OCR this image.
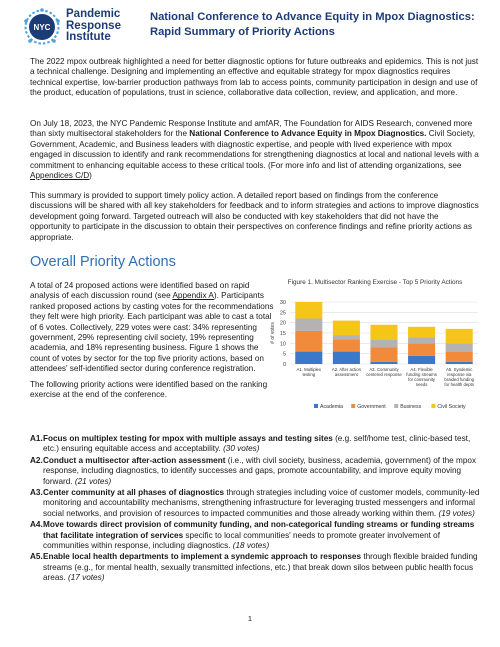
NYC
Pandemic
Response
Institute
National Conference to Advance Equity in Mpox Diagnostics: Rapid Summary of Priority Actions
The 2022 mpox outbreak highlighted a need for better diagnostic options for future outbreaks and epidemics. This is not just a technical challenge. Designing and implementing an effective and equitable strategy for mpox diagnostics requires technical expertise, low-barrier production pathways from lab to access points, community participation in design and use of the product, education of populations, trust in science, collaborative data collection, review, and application, and more.
On July 18, 2023, the NYC Pandemic Response Institute and amfAR, The Foundation for AIDS Research, convened more than sixty multisectoral stakeholders for the National Conference to Advance Equity in Mpox Diagnostics. Civil Society, Government, Academic, and Business leaders with diagnostic expertise, and people with lived experience with mpox engaged in discussion to identify and rank recommendations for strengthening diagnostics at local and national levels with a commitment to enhancing equitable access to these critical tools. (For more info and list of attending organizations, see Appendices C/D)
This summary is provided to support timely policy action. A detailed report based on findings from the conference discussions will be shared with all key stakeholders for feedback and to inform strategies and actions to improve diagnostics development going forward. Targeted outreach will also be conducted with key stakeholders that did not have the opportunity to participate in the discussion to obtain their perspectives on conference findings and refine priority actions as appropriate.
Overall Priority Actions
A total of 24 proposed actions were identified based on rapid analysis of each discussion round (see Appendix A). Participants ranked proposed actions by casting votes for the recommendations they felt were high priority. Each participant was able to cast a total of 6 votes. Collectively, 229 votes were cast: 34% representing government, 29% representing civil society, 19% representing academia, and 18% representing business. Figure 1 shows the count of votes by sector for the top five priority actions, based on attendees' self-identified sector during conference registration.
The following priority actions were identified based on the ranking exercise at the end of the conference.
Figure 1. Multisector Ranking Exercise - Top 5 Priority Actions
0
5
10
15
20
25
30
# of votes
A1. Multiplex testing
A2. After action assessment
A3. Community centered response
A4. Flexible funding streams for community needs
A5. Syndemic response via braided funding for health depts
Academia	Government	Business	Civil Society
A1. Focus on multiplex testing for mpox with multiple assays and testing sites (e.g. self/home test, clinic-based test, etc.) ensuring equitable access and acceptability. (30 votes)
A2. Conduct a multisector after-action assessment (i.e., with civil society, business, academia, government) of the mpox response, including diagnostics, to identify successes and gaps, promote accountability, and improve equity moving forward. (21 votes)
A3. Center community at all phases of diagnostics through strategies including voice of customer models, community-led monitoring and accountability mechanisms, strengthening infrastructure for leveraging trusted messengers and informal social networks, and provision of resources to impacted communities and those already working within them. (19 votes)
A4. Move towards direct provision of community funding, and non-categorical funding streams or funding streams that facilitate integration of services specific to local communities' needs to promote greater involvement of communities within response, including diagnostics. (18 votes)
A5. Enable local health departments to implement a syndemic approach to responses through flexible braided funding streams (e.g., for mental health, sexually transmitted infections, etc.) that break down silos between public health focus areas. (17 votes)
1
